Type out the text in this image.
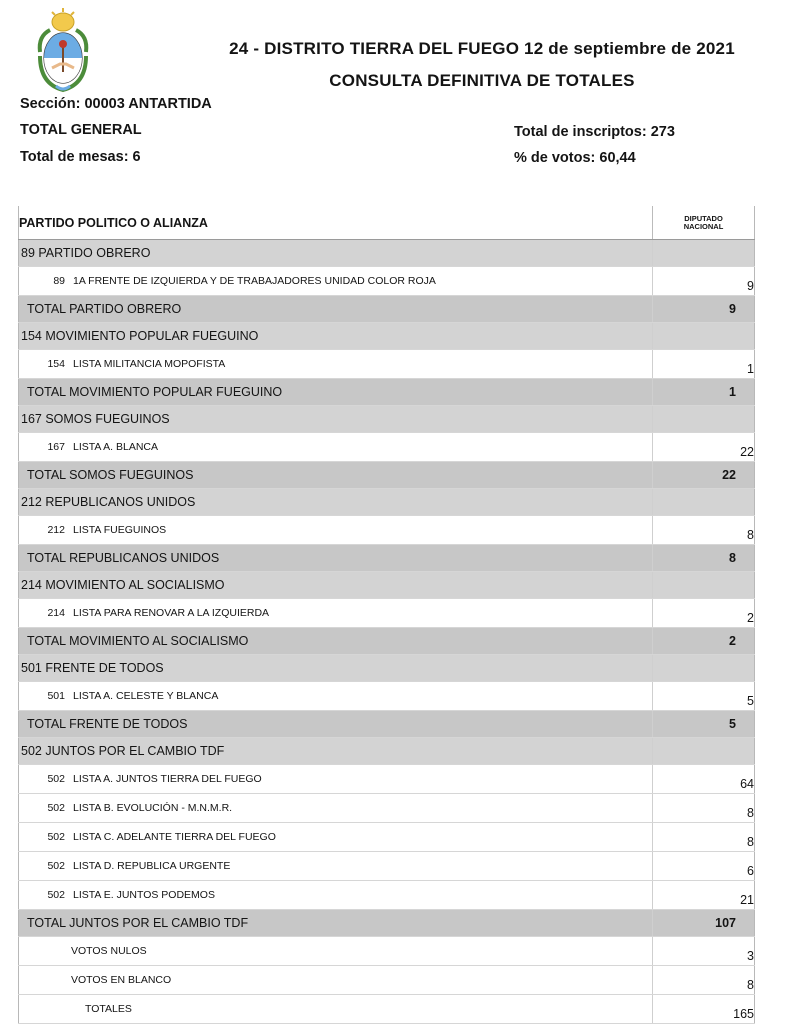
24 - DISTRITO TIERRA DEL FUEGO 12 de septiembre de 2021
CONSULTA DEFINITIVA DE TOTALES
Sección: 00003 ANTARTIDA
TOTAL GENERAL
Total de mesas: 6
Total de inscriptos: 273
% de votos: 60,44
PARTIDO POLITICO O ALIANZA	DIPUTADO NACIONAL
89 PARTIDO OBRERO	
89 1A FRENTE DE IZQUIERDA Y DE TRABAJADORES UNIDAD COLOR ROJA	9
TOTAL PARTIDO OBRERO	9
154 MOVIMIENTO POPULAR FUEGUINO	
154 LISTA MILITANCIA MOPOFISTA	1
TOTAL MOVIMIENTO POPULAR FUEGUINO	1
167 SOMOS FUEGUINOS	
167 LISTA A. BLANCA	22
TOTAL SOMOS FUEGUINOS	22
212 REPUBLICANOS UNIDOS	
212 LISTA FUEGUINOS	8
TOTAL REPUBLICANOS UNIDOS	8
214 MOVIMIENTO AL SOCIALISMO	
214 LISTA PARA RENOVAR A LA IZQUIERDA	2
TOTAL MOVIMIENTO AL SOCIALISMO	2
501 FRENTE DE TODOS	
501 LISTA A. CELESTE Y BLANCA	5
TOTAL FRENTE DE TODOS	5
502 JUNTOS POR EL CAMBIO TDF	
502 LISTA A. JUNTOS TIERRA DEL FUEGO	64
502 LISTA B. EVOLUCIÓN - M.N.M.R.	8
502 LISTA C. ADELANTE TIERRA DEL FUEGO	8
502 LISTA D. REPUBLICA URGENTE	6
502 LISTA E. JUNTOS PODEMOS	21
TOTAL JUNTOS POR EL CAMBIO TDF	107
VOTOS NULOS	3
VOTOS EN BLANCO	8
TOTALES	165
